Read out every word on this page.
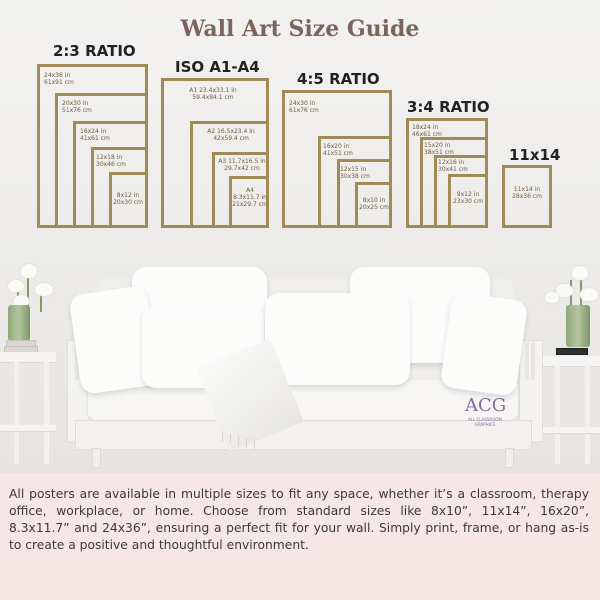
Wall Art Size Guide
2:3 RATIO
24x36 in
61x91 cm
20x30 in
51x76 cm
16x24 in
41x61 cm
12x18 in
30x46 cm
8x12 in
20x30 cm
ISO A1-A4
A1 23.4x33.1 in
59.4x84.1 cm
A2 16.5x23.4 in
42x59.4 cm
A3 11.7x16.5 in
29.7x42 cm
A4
8.3x11.7 in
21x29.7 cm
4:5 RATIO
24x30 in
61x76 cm
16x20 in
41x51 cm
12x15 in
30x38 cm
8x10 in
20x25 cm
3:4 RATIO
18x24 in
46x61 cm
15x20 in
38x51 cm
12x16 in
30x41 cm
9x12 in
23x30 cm
11x14
11x14 in
28x36 cm
ACG
ALL CLASSROOM GRAPHICS

All posters are available in multiple sizes to fit any space, whether it’s a classroom, therapy office, workplace, or home. Choose from standard sizes like 8x10”, 11x14”, 16x20”, 8.3x11.7” and 24x36”, ensuring a perfect fit for your wall. Simply print, frame, or hang as-is to create a positive and thoughtful environment.
